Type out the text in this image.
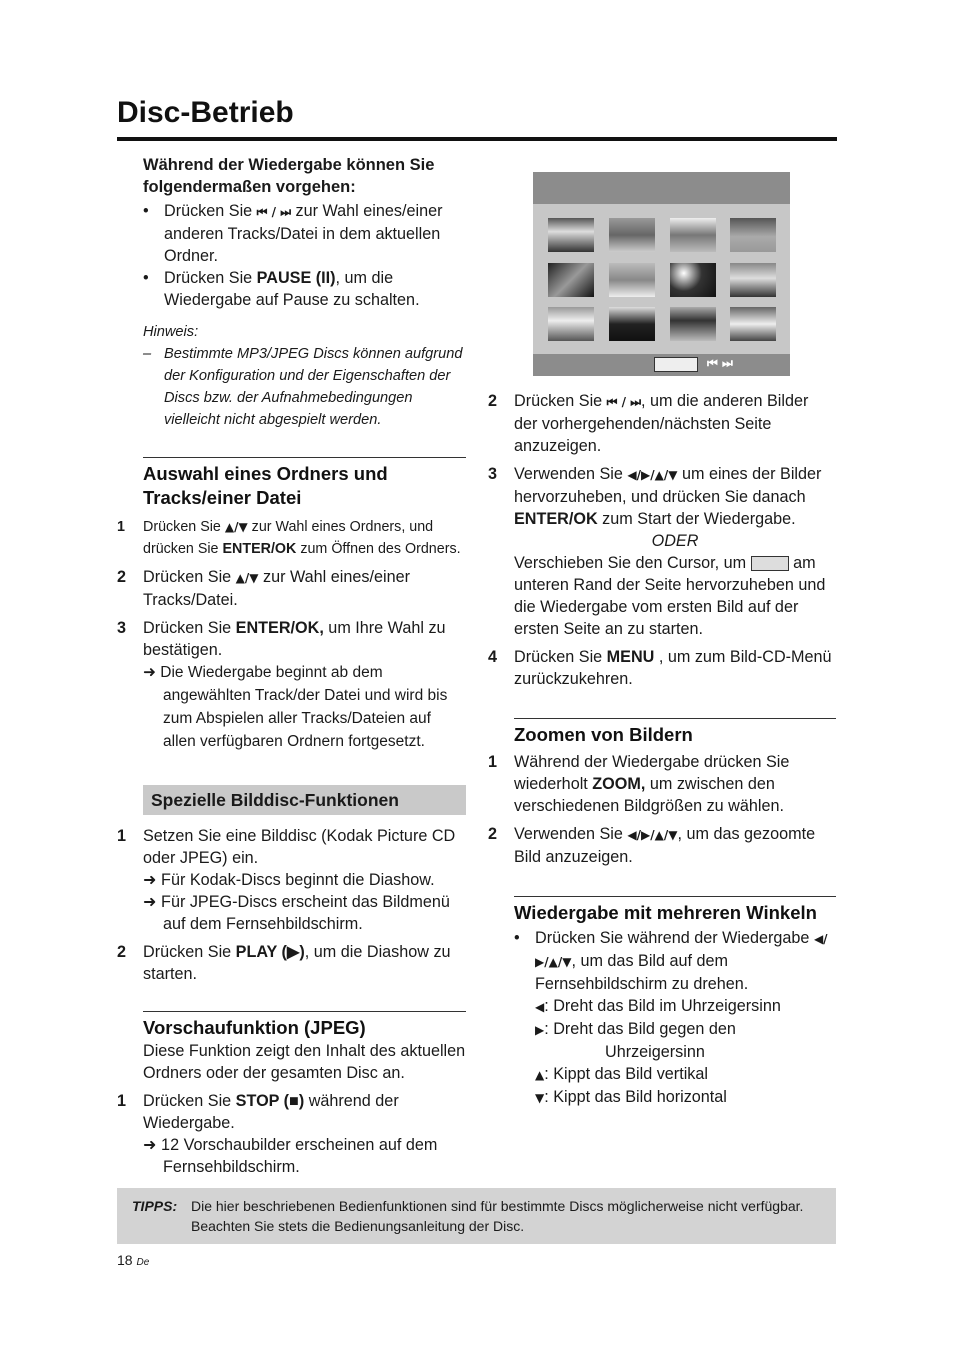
Disc-Betrieb

Während der Wiedergabe können Sie folgendermaßen vorgehen:

• Drücken Sie ⏮ / ⏭ zur Wahl eines/einer anderen Tracks/Datei in dem aktuellen Ordner.

• Drücken Sie PAUSE (II), um die Wiedergabe auf Pause zu schalten.

Hinweis:

– Bestimmte MP3/JPEG Discs können aufgrund der Konfiguration und der Eigenschaften der Discs bzw. der Aufnahmebedingungen vielleicht nicht abgespielt werden.

Auswahl eines Ordners und Tracks/einer Datei

1 Drücken Sie ▲/▼ zur Wahl eines Ordners, und drücken Sie ENTER/OK zum Öffnen des Ordners.
2 Drücken Sie ▲/▼ zur Wahl eines/einer Tracks/Datei.
3 Drücken Sie ENTER/OK, um Ihre Wahl zu bestätigen.

➜ Die Wiedergabe beginnt ab dem angewählten Track/der Datei und wird bis zum Abspielen aller Tracks/Dateien auf allen verfügbaren Ordnern fortgesetzt.

Spezielle Bilddisc-Funktionen
1 Setzen Sie eine Bilddisc (Kodak Picture CD oder JPEG) ein.

➜ Für Kodak-Discs beginnt die Diashow.

➜ Für JPEG-Discs erscheint das Bildmenü auf dem Fernsehbildschirm.

2 Drücken Sie PLAY (▶), um die Diashow zu starten.

Vorschaufunktion (JPEG)

Diese Funktion zeigt den Inhalt des aktuellen Ordners oder der gesamten Disc an.

1 Drücken Sie STOP (■) während der Wiedergabe.

➜ 12 Vorschaubilder erscheinen auf dem Fernsehbildschirm.

⏮ ⏭
2 Drücken Sie ⏮ / ⏭, um die anderen Bilder der vorhergehenden/nächsten Seite anzuzeigen.
3 Verwenden Sie ◀/▶/▲/▼ um eines der Bilder hervorzuheben, und drücken Sie danach ENTER/OK zum Start der Wiedergabe.

ODER

Verschieben Sie den Cursor, um  am unteren Rand der Seite hervorzuheben und die Wiedergabe vom ersten Bild auf der ersten Seite an zu starten.

4 Drücken Sie MENU , um zum Bild-CD-Menü zurückzukehren.

Zoomen von Bildern

1 Während der Wiedergabe drücken Sie wiederholt ZOOM, um zwischen den verschiedenen Bildgrößen zu wählen.
2 Verwenden Sie ◀/▶/▲/▼, um das gezoomte Bild anzuzeigen.

Wiedergabe mit mehreren Winkeln

• Drücken Sie während der Wiedergabe ◀/▶/▲/▼, um das Bild auf dem Fernsehbildschirm zu drehen.

◀: Dreht das Bild im Uhrzeigersinn

▶: Dreht das Bild gegen den

Uhrzeigersinn

▲: Kippt das Bild vertikal

▼: Kippt das Bild horizontal

TIPPS: Die hier beschriebenen Bedienfunktionen sind für bestimmte Discs möglicherweise nicht verfügbar. Beachten Sie stets die Bedienungsanleitung der Disc.
18 De
